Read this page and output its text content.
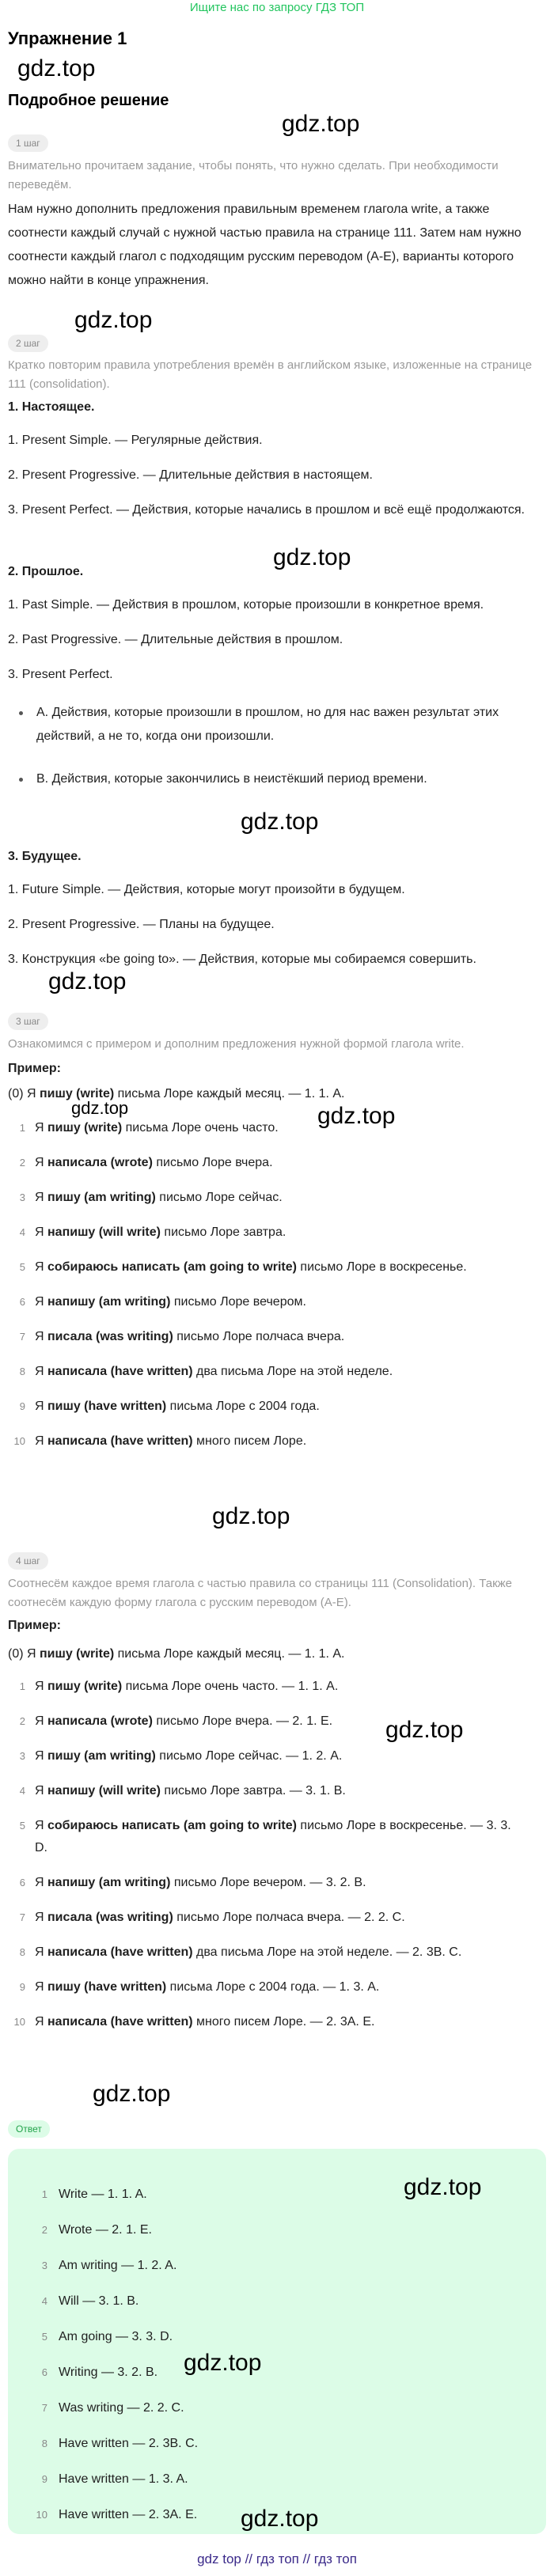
Ищите нас по запросу ГДЗ ТОП
Упражнение 1
Подробное решение
gdz.top
gdz.top
gdz.top
gdz.top
gdz.top
gdz.top
gdz.top	gdz.top
gdz.top
gdz.top
gdz.top
1 шаг
Внимательно прочитаем задание, чтобы понять, что нужно сделать. При необходимости переведём.
Нам нужно дополнить предложения правильным временем глагола write, а также соотнести каждый случай с нужной частью правила на странице 111. Затем нам нужно соотнести каждый глагол с подходящим русским переводом (A-E), варианты которого можно найти в конце упражнения.
2 шаг
Кратко повторим правила употребления времён в английском языке, изложенные на странице 111 (consolidation).
1. Настоящее.
1. Present Simple. — Регулярные действия.
2. Present Progressive. — Длительные действия в настоящем.
3. Present Perfect. — Действия, которые начались в прошлом и всё ещё продолжаются.
2. Прошлое.
1. Past Simple. — Действия в прошлом, которые произошли в конкретное время.
2. Past Progressive. — Длительные действия в прошлом.
3. Present Perfect.
A. Действия, которые произошли в прошлом, но для нас важен результат этих действий, а не то, когда они произошли.
B. Действия, которые закончились в неистёкший период времени.
3. Будущее.
1. Future Simple. — Действия, которые могут произойти в будущем.
2. Present Progressive. — Планы на будущее.
3. Конструкция «be going to». — Действия, которые мы собираемся совершить.
3 шаг
Ознакомимся с примером и дополним предложения нужной формой глагола write.
Пример:
(0) Я пишу (write) письма Лоре каждый месяц. — 1. 1. A.
1 Я пишу (write) письма Лоре очень часто.
2 Я написала (wrote) письмо Лоре вчера.
3 Я пишу (am writing) письмо Лоре сейчас.
4 Я напишу (will write) письмо Лоре завтра.
5 Я собираюсь написать (am going to write) письмо Лоре в воскресенье.
6 Я напишу (am writing) письмо Лоре вечером.
7 Я писала (was writing) письмо Лоре полчаса вчера.
8 Я написала (have written) два письма Лоре на этой неделе.
9 Я пишу (have written) письма Лоре с 2004 года.
10 Я написала (have written) много писем Лоре.
4 шаг
Соотнесём каждое время глагола с частью правила со страницы 111 (Consolidation). Также соотнесём каждую форму глагола с русским переводом (A-E).
Пример:
(0) Я пишу (write) письма Лоре каждый месяц. — 1. 1. A.
1 Я пишу (write) письма Лоре очень часто. — 1. 1. A.
2 Я написала (wrote) письмо Лоре вчера. — 2. 1. E.
3 Я пишу (am writing) письмо Лоре сейчас. — 1. 2. A.
4 Я напишу (will write) письмо Лоре завтра. — 3. 1. B.
5 Я собираюсь написать (am going to write) письмо Лоре в воскресенье. — 3. 3. D.
6 Я напишу (am writing) письмо Лоре вечером. — 3. 2. B.
7 Я писала (was writing) письмо Лоре полчаса вчера. — 2. 2. C.
8 Я написала (have written) два письма Лоре на этой неделе. — 2. 3B. C.
9 Я пишу (have written) письма Лоре с 2004 года. — 1. 3. A.
10 Я написала (have written) много писем Лоре. — 2. 3A. E.
Ответ
1 Write — 1. 1. A.
2 Wrote — 2. 1. E.
3 Am writing — 1. 2. A.
4 Will — 3. 1. B.
5 Am going — 3. 3. D.
6 Writing — 3. 2. B.
7 Was writing — 2. 2. C.
8 Have written — 2. 3B. C.
9 Have written — 1. 3. A.
10 Have written — 2. 3A. E.
gdz.top
gdz.top
gdz.top
gdz top // гдз топ // гдз топ
